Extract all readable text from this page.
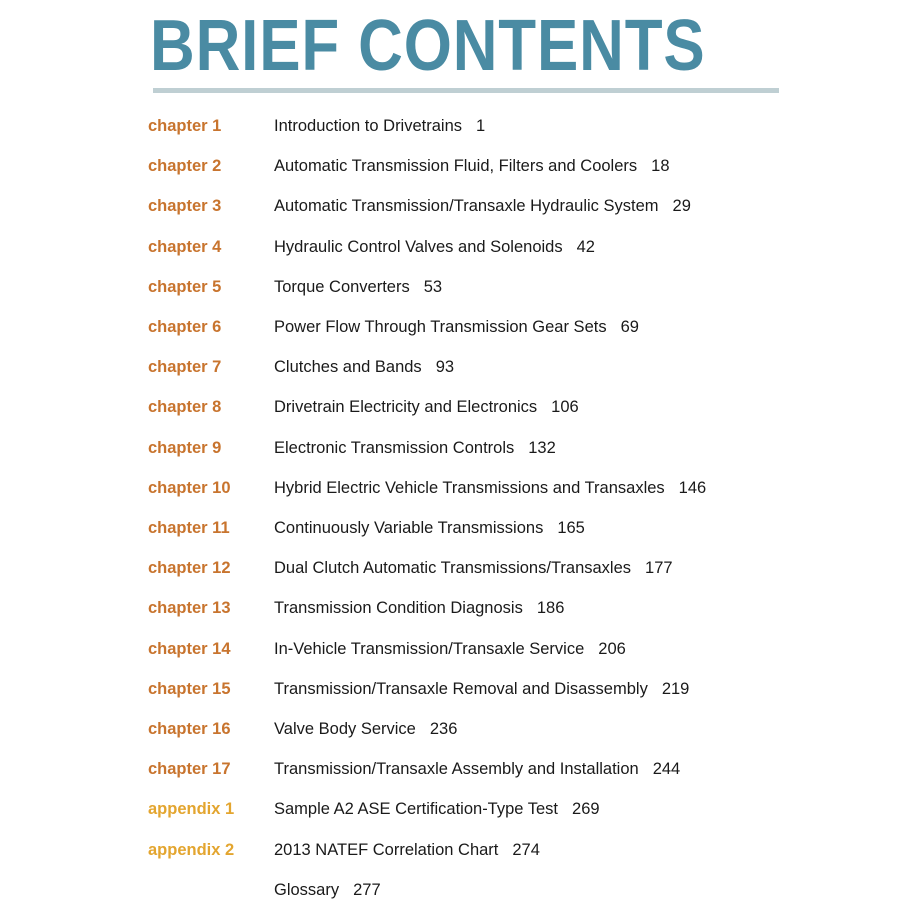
BRIEF CONTENTS
chapter 1	Introduction to Drivetrains 1
chapter 2	Automatic Transmission Fluid, Filters and Coolers 18
chapter 3	Automatic Transmission/Transaxle Hydraulic System 29
chapter 4	Hydraulic Control Valves and Solenoids 42
chapter 5	Torque Converters 53
chapter 6	Power Flow Through Transmission Gear Sets 69
chapter 7	Clutches and Bands 93
chapter 8	Drivetrain Electricity and Electronics 106
chapter 9	Electronic Transmission Controls 132
chapter 10	Hybrid Electric Vehicle Transmissions and Transaxles 146
chapter 11	Continuously Variable Transmissions 165
chapter 12	Dual Clutch Automatic Transmissions/Transaxles 177
chapter 13	Transmission Condition Diagnosis 186
chapter 14	In-Vehicle Transmission/Transaxle Service 206
chapter 15	Transmission/Transaxle Removal and Disassembly 219
chapter 16	Valve Body Service 236
chapter 17	Transmission/Transaxle Assembly and Installation 244
appendix 1 Sample A2 ASE Certification-Type Test 269
appendix 2 2013 NATEF Correlation Chart 274
Glossary 277
